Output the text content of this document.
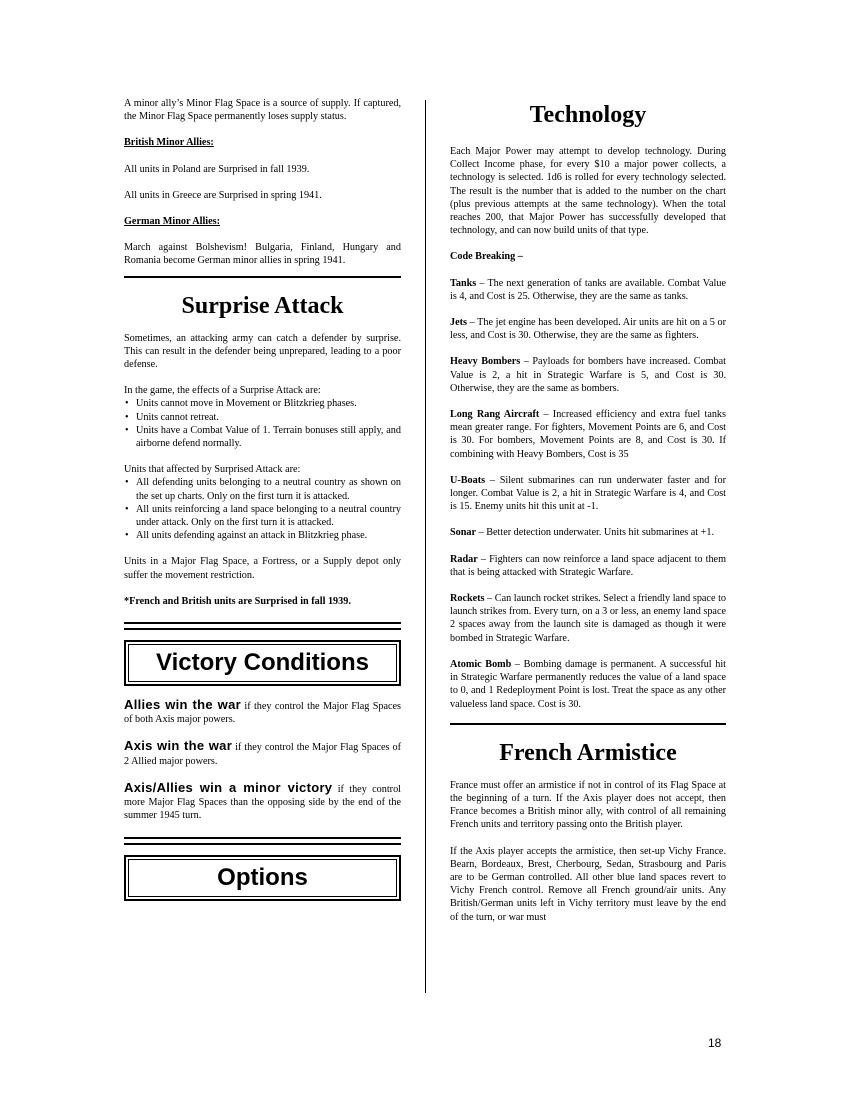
A minor ally’s Minor Flag Space is a source of supply. If captured, the Minor Flag Space permanently loses supply status.

British Minor Allies:

All units in Poland are Surprised in fall 1939.

All units in Greece are Surprised in spring 1941.

German Minor Allies:

March against Bolshevism! Bulgaria, Finland, Hungary and Romania become German minor allies in spring 1941.

Surprise Attack

Sometimes, an attacking army can catch a defender by surprise. This can result in the defender being unprepared, leading to a poor defense.

In the game, the effects of a Surprise Attack are:
• Units cannot move in Movement or Blitzkrieg phases.
• Units cannot retreat.
• Units have a Combat Value of 1. Terrain bonuses still apply, and airborne defend normally.
Units that affected by Surprised Attack are:
• All defending units belonging to a neutral country as shown on the set up charts. Only on the first turn it is attacked.
• All units reinforcing a land space belonging to a neutral country under attack. Only on the first turn it is attacked.
• All units defending against an attack in Blitzkrieg phase.

Units in a Major Flag Space, a Fortress, or a Supply depot only suffer the movement restriction.

*French and British units are Surprised in fall 1939.

Victory Conditions

Allies win the war if they control the Major Flag Spaces of both Axis major powers.

Axis win the war if they control the Major Flag Spaces of 2 Allied major powers.

Axis/Allies win a minor victory if they control more Major Flag Spaces than the opposing side by the end of the summer 1945 turn.

Options
Technology

Each Major Power may attempt to develop technology. During Collect Income phase, for every $10 a major power collects, a technology is selected. 1d6 is rolled for every technology selected. The result is the number that is added to the number on the chart (plus previous attempts at the same technology). When the total reaches 200, that Major Power has successfully developed that technology, and can now build units of that type.

Code Breaking –

Tanks – The next generation of tanks are available. Combat Value is 4, and Cost is 25. Otherwise, they are the same as tanks.

Jets – The jet engine has been developed. Air units are hit on a 5 or less, and Cost is 30. Otherwise, they are the same as fighters.

Heavy Bombers – Payloads for bombers have increased. Combat Value is 2, a hit in Strategic Warfare is 5, and Cost is 30. Otherwise, they are the same as bombers.

Long Rang Aircraft – Increased efficiency and extra fuel tanks mean greater range. For fighters, Movement Points are 6, and Cost is 30. For bombers, Movement Points are 8, and Cost is 30. If combining with Heavy Bombers, Cost is 35

U-Boats – Silent submarines can run underwater faster and for longer. Combat Value is 2, a hit in Strategic Warfare is 4, and Cost is 15. Enemy units hit this unit at -1.

Sonar – Better detection underwater. Units hit submarines at +1.

Radar – Fighters can now reinforce a land space adjacent to them that is being attacked with Strategic Warfare.

Rockets – Can launch rocket strikes. Select a friendly land space to launch strikes from. Every turn, on a 3 or less, an enemy land space 2 spaces away from the launch site is damaged as though it were bombed in Strategic Warfare.

Atomic Bomb – Bombing damage is permanent. A successful hit in Strategic Warfare permanently reduces the value of a land space to 0, and 1 Redeployment Point is lost. Treat the space as any other valueless land space. Cost is 30.

French Armistice

France must offer an armistice if not in control of its Flag Space at the beginning of a turn. If the Axis player does not accept, then France becomes a British minor ally, with control of all remaining French units and territory passing onto the British player.

If the Axis player accepts the armistice, then set-up Vichy France. Bearn, Bordeaux, Brest, Cherbourg, Sedan, Strasbourg and Paris are to be German controlled. All other blue land spaces revert to Vichy French control. Remove all French ground/air units. Any British/German units left in Vichy territory must leave by the end of the turn, or war must

18
